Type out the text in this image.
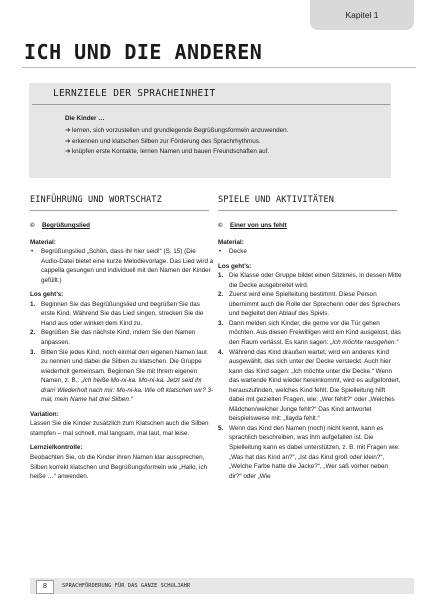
Kapitel 1
ICH UND DIE ANDEREN
LERNZIELE DER SPRACHEINHEIT
Die Kinder …
➔ lernen, sich vorzustellen und grundlegende Begrüßungsformeln anzuwenden.
➔ erkennen und klatschen Silben zur Förderung des Sprachrhythmus.
➔ knüpfen erste Kontakte, lernen Namen und bauen Freundschaften auf.
EINFÜHRUNG UND WORTSCHATZ	SPIELE UND AKTIVITÄTEN

© Begrüßungslied

Material:

• Begrüßungslied „Schön, dass ihr hier seid!“ (S. 15) (Die Audio-Datei bietet eine kurze Melodievorlage. Das Lied wird a cappella gesungen und individuell mit den Namen der Kinder gefüllt.)

Los geht’s:

1. Beginnen Sie das Begrüßungslied und begrüßen Sie das erste Kind. Während Sie das Lied singen, strecken Sie die Hand aus oder winken dem Kind zu.
2. Begrüßen Sie das nächste Kind, indem Sie den Namen anpassen.
3. Bitten Sie jedes Kind, noch einmal den eigenen Namen laut zu nennen und dabei die Silben zu klatschen. Die Gruppe wiederholt gemeinsam. Beginnen Sie mit Ihrem eigenen Namen, z. B.: „Ich heiße Mo-ni-ka. Mo-ni-ka. Jetzt seid ihr dran! Wiederholt nach mir: Mo-ni-ka. Wie oft klatschen wir? 3-mal, mein Name hat drei Silben.“

Variation:

Lassen Sie die Kinder zusätzlich zum Klatschen auch die Silben stampfen – mal schnell, mal langsam, mal laut, mal leise.

Lernzielkontrolle:

Beobachten Sie, ob die Kinder ihren Namen klar aussprechen, Silben korrekt klatschen und Begrüßungsformeln wie „Hallo, ich heiße …“ anwenden.

© Einer von uns fehlt

Material:

• Decke

Los geht’s:

1. Die Klasse oder Gruppe bildet einen Sitzkreis, in dessen Mitte die Decke ausgebreitet wird.
2. Zuerst wird eine Spielleitung bestimmt. Diese Person übernimmt auch die Rolle der Sprecherin oder des Sprechers und begleitet den Ablauf des Spiels.
3. Dann melden sich Kinder, die gerne vor die Tür gehen möchten. Aus diesen Freiwilligen wird ein Kind ausgelost, das den Raum verlässt. Es kann sagen: „Ich möchte rausgehen.“
4. Während das Kind draußen wartet, wird ein anderes Kind ausgewählt, das sich unter der Decke versteckt. Auch hier kann das Kind sagen: „Ich möchte unter die Decke.“ Wenn das wartende Kind wieder hereinkommt, wird es aufgefordert, herauszufinden, welches Kind fehlt. Die Spielleitung hilft dabei mit gezielten Fragen, wie: „Wer fehlt?“ oder „Welches Mädchen/welcher Junge fehlt?“ Das Kind antwortet beispielsweise mit: „Ilayda fehlt.“
5. Wenn das Kind den Namen (noch) nicht kennt, kann es sprachlich beschreiben, was ihm aufgefallen ist. Die Spielleitung kann es dabei unterstützen, z. B. mit Fragen wie: „Was hat das Kind an?“, „Ist das Kind groß oder klein?“, „Welche Farbe hatte die Jacke?“, „Wer saß vorher neben dir?“ oder „Wie
8	SPRACHFÖRDERUNG FÜR DAS GANZE SCHULJAHR
